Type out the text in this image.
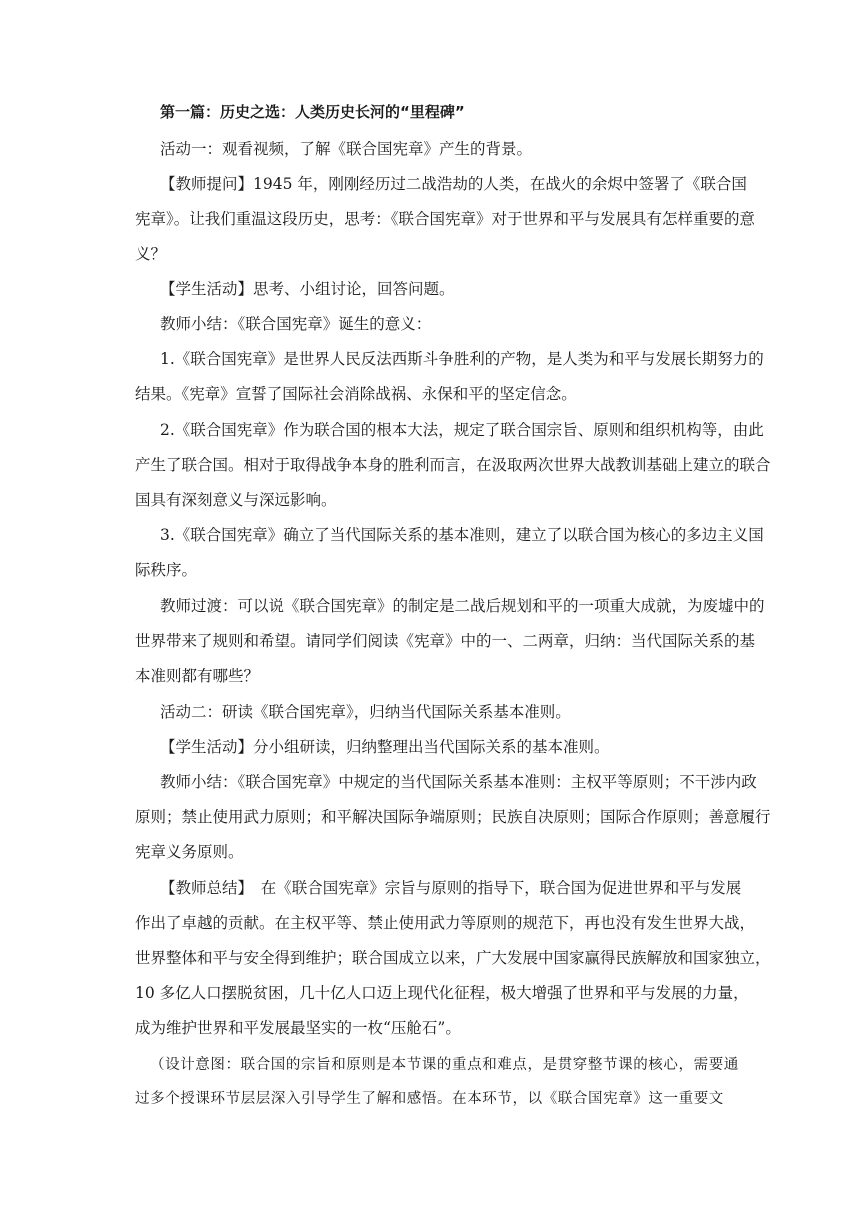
第一篇：历史之选：人类历史长河的“里程碑”
活动一：观看视频，了解《联合国宪章》产生的背景。
【教师提问】1945 年，刚刚经历过二战浩劫的人类，在战火的余烬中签署了《联合国
宪章》。让我们重温这段历史，思考：《联合国宪章》对于世界和平与发展具有怎样重要的意
义？
【学生活动】思考、小组讨论，回答问题。
教师小结：《联合国宪章》诞生的意义：
1.《联合国宪章》是世界人民反法西斯斗争胜利的产物，是人类为和平与发展长期努力的
结果。《宪章》宣誓了国际社会消除战祸、永保和平的坚定信念。
2.《联合国宪章》作为联合国的根本大法，规定了联合国宗旨、原则和组织机构等，由此
产生了联合国。相对于取得战争本身的胜利而言，在汲取两次世界大战教训基础上建立的联合
国具有深刻意义与深远影响。
3.《联合国宪章》确立了当代国际关系的基本准则，建立了以联合国为核心的多边主义国
际秩序。
教师过渡：可以说《联合国宪章》的制定是二战后规划和平的一项重大成就，为废墟中的
世界带来了规则和希望。请同学们阅读《宪章》中的一、二两章，归纳：当代国际关系的基
本准则都有哪些？
活动二：研读《联合国宪章》，归纳当代国际关系基本准则。
【学生活动】分小组研读，归纳整理出当代国际关系的基本准则。
教师小结：《联合国宪章》中规定的当代国际关系基本准则：主权平等原则；不干涉内政
原则；禁止使用武力原则；和平解决国际争端原则；民族自决原则；国际合作原则；善意履行
宪章义务原则。
【教师总结】　在《联合国宪章》宗旨与原则的指导下，联合国为促进世界和平与发展
作出了卓越的贡献。在主权平等、禁止使用武力等原则的规范下，再也没有发生世界大战，
世界整体和平与安全得到维护；联合国成立以来，广大发展中国家赢得民族解放和国家独立，
10 多亿人口摆脱贫困，几十亿人口迈上现代化征程，极大增强了世界和平与发展的力量，
成为维护世界和平发展最坚实的一枚“压舱石”。
（设计意图：联合国的宗旨和原则是本节课的重点和难点，是贯穿整节课的核心，需要通
过多个授课环节层层深入引导学生了解和感悟。在本环节，以《联合国宪章》这一重要文
